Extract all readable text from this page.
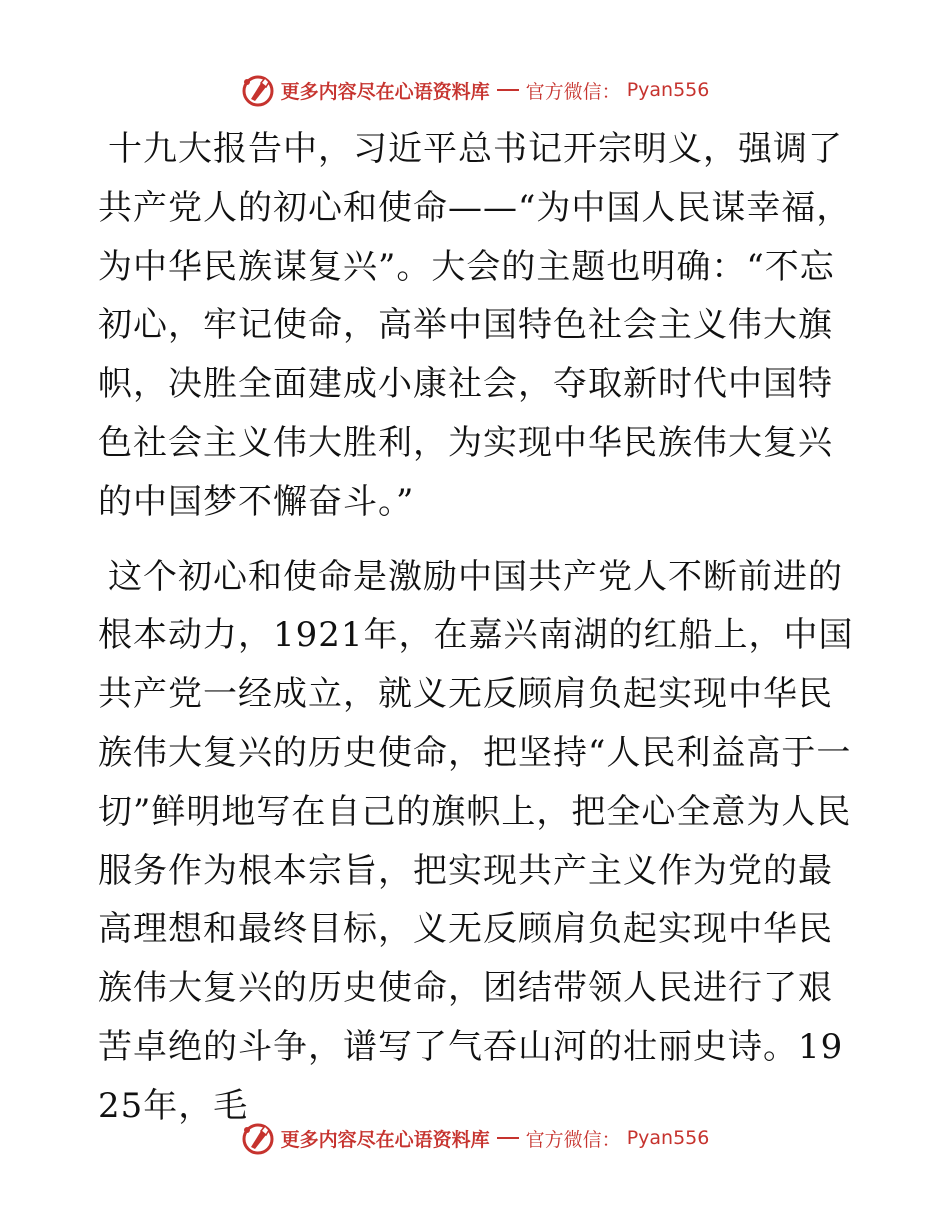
更多内容尽在心语资料库 官方微信： Pyan556

十九大报告中，习近平总书记开宗明义，强调了共产党人的初心和使命——“为中国人民谋幸福，为中华民族谋复兴”。大会的主题也明确：“不忘初心，牢记使命，高举中国特色社会主义伟大旗帜，决胜全面建成小康社会，夺取新时代中国特色社会主义伟大胜利，为实现中华民族伟大复兴的中国梦不懈奋斗。”

这个初心和使命是激励中国共产党人不断前进的根本动力，1921年，在嘉兴南湖的红船上，中国共产党一经成立，就义无反顾肩负起实现中华民族伟大复兴的历史使命，把坚持“人民利益高于一切”鲜明地写在自己的旗帜上，把全心全意为人民服务作为根本宗旨，把实现共产主义作为党的最高理想和最终目标，义无反顾肩负起实现中华民族伟大复兴的历史使命，团结带领人民进行了艰苦卓绝的斗争，谱写了气吞山河的壮丽史诗。1925年，毛

更多内容尽在心语资料库 官方微信： Pyan556
